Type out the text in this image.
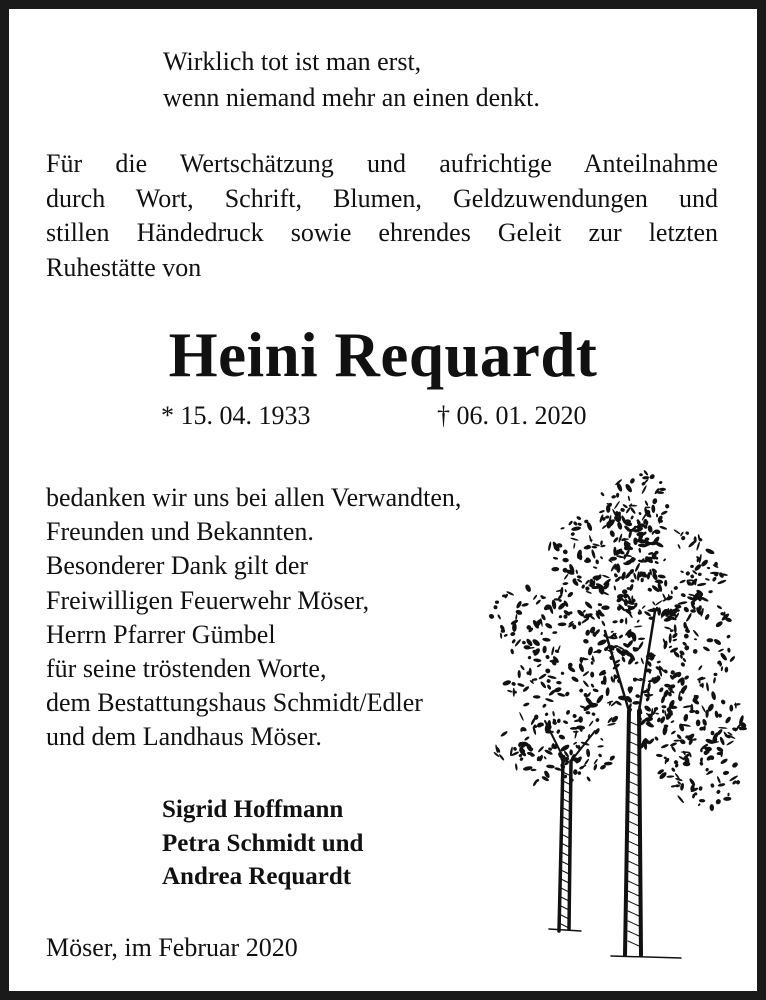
Wirklich tot ist man erst,
wenn niemand mehr an einen denkt.
Für die Wertschätzung und aufrichtige Anteilnahme
durch Wort, Schrift, Blumen, Geldzuwendungen und
stillen Händedruck sowie ehrendes Geleit zur letzten
Ruhestätte von
Heini Requardt
* 15. 04. 1933	† 06. 01. 2020
bedanken wir uns bei allen Verwandten,
Freunden und Bekannten.
Besonderer Dank gilt der
Freiwilligen Feuerwehr Möser,
Herrn Pfarrer Gümbel
für seine tröstenden Worte,
dem Bestattungshaus Schmidt/Edler
und dem Landhaus Möser.
Sigrid Hoffmann
Petra Schmidt und
Andrea Requardt
Möser, im Februar 2020
